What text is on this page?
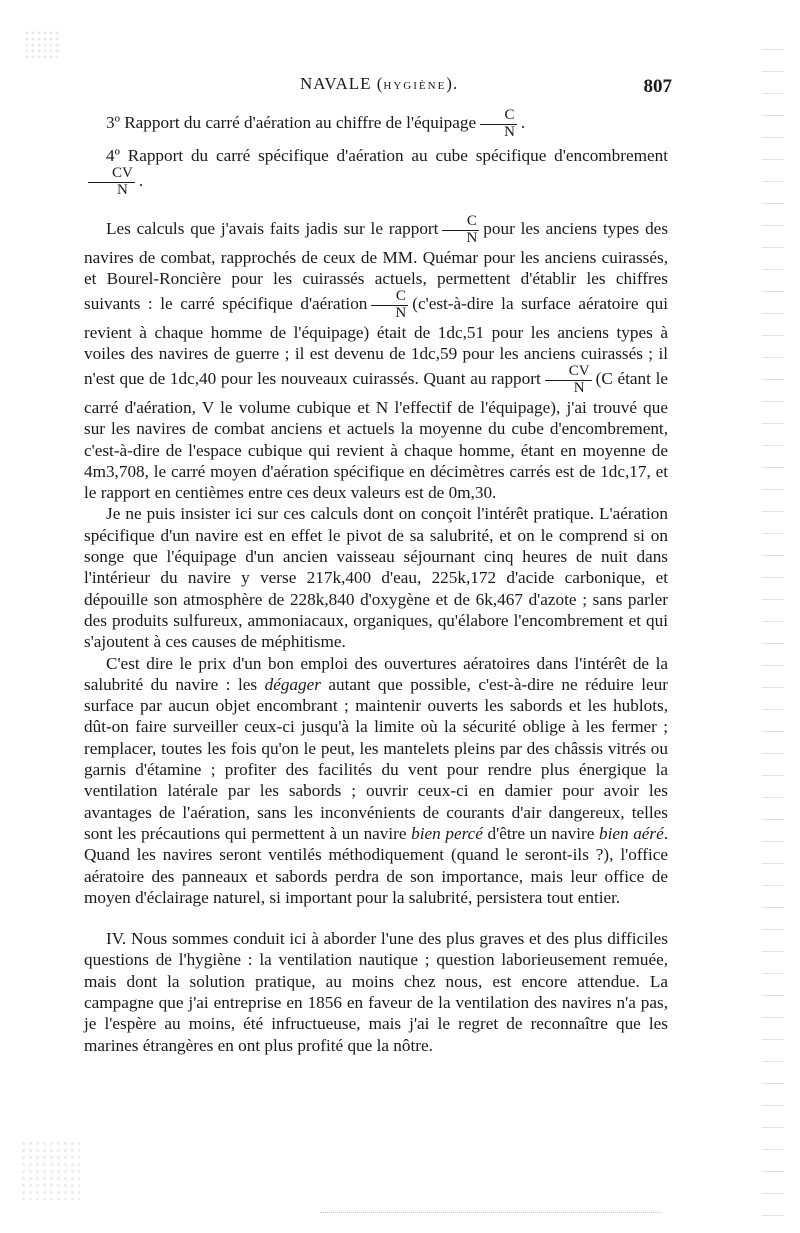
NAVALE (HYGIÈNE).	807

3º Rapport du carré d'aération au chiffre de l'équipage $\frac{C}{N}$ .

4º Rapport du carré spécifique d'aération au cube spécifique d'encombrement
$\frac{CV}{N}$ .

Les calculs que j'avais faits jadis sur le rapport $\frac{C}{N}$ pour les anciens types des navires de combat, rapprochés de ceux de MM. Quémar pour les anciens cuirassés, et Bourel-Roncière pour les cuirassés actuels, permettent d'établir les chiffres suivants : le carré spécifique d'aération $\frac{C}{N}$ (c'est-à-dire la surface aératoire qui revient à chaque homme de l'équipage) était de 1dc,51 pour les anciens types à voiles des navires de guerre ; il est devenu de 1dc,59 pour les anciens cuirassés ; il n'est que de 1dc,40 pour les nouveaux cuirassés. Quant au rapport $\frac{CV}{N} (C$ étant le carré d'aération, V le volume cubique et N l'effectif de l'équipage), j'ai trouvé que sur les navires de combat anciens et actuels la moyenne du cube d'encombrement, c'est-à-dire de l'espace cubique qui revient à chaque homme, étant en moyenne de 4m3,708, le carré moyen d'aération spécifique en décimètres carrés est de 1dc,17, et le rapport en centièmes entre ces deux valeurs est de 0m,30.

Je ne puis insister ici sur ces calculs dont on conçoit l'intérêt pratique. L'aération spécifique d'un navire est en effet le pivot de sa salubrité, et on le comprend si on songe que l'équipage d'un ancien vaisseau séjournant cinq heures de nuit dans l'intérieur du navire y verse 217k,400 d'eau, 225k,172 d'acide carbonique, et dépouille son atmosphère de 228k,840 d'oxygène et de 6k,467 d'azote ; sans parler des produits sulfureux, ammoniacaux, organiques, qu'élabore l'encombrement et qui s'ajoutent à ces causes de méphitisme.

C'est dire le prix d'un bon emploi des ouvertures aératoires dans l'intérêt de la salubrité du navire : les dégager autant que possible, c'est-à-dire ne réduire leur surface par aucun objet encombrant ; maintenir ouverts les sabords et les hublots, dût-on faire surveiller ceux-ci jusqu'à la limite où la sécurité oblige à les fermer ; remplacer, toutes les fois qu'on le peut, les mantelets pleins par des châssis vitrés ou garnis d'étamine ; profiter des facilités du vent pour rendre plus énergique la ventilation latérale par les sabords ; ouvrir ceux-ci en damier pour avoir les avantages de l'aération, sans les inconvénients de courants d'air dangereux, telles sont les précautions qui permettent à un navire bien percé d'être un navire bien aéré. Quand les navires seront ventilés méthodiquement (quand le seront-ils ?), l'office aératoire des panneaux et sabords perdra de son importance, mais leur office de moyen d'éclairage naturel, si important pour la salubrité, persistera tout entier.

IV. Nous sommes conduit ici à aborder l'une des plus graves et des plus difficiles questions de l'hygiène : la ventilation nautique ; question laborieusement remuée, mais dont la solution pratique, au moins chez nous, est encore attendue. La campagne que j'ai entreprise en 1856 en faveur de la ventilation des navires n'a pas, je l'espère au moins, été infructueuse, mais j'ai le regret de reconnaître que les marines étrangères en ont plus profité que la nôtre.
